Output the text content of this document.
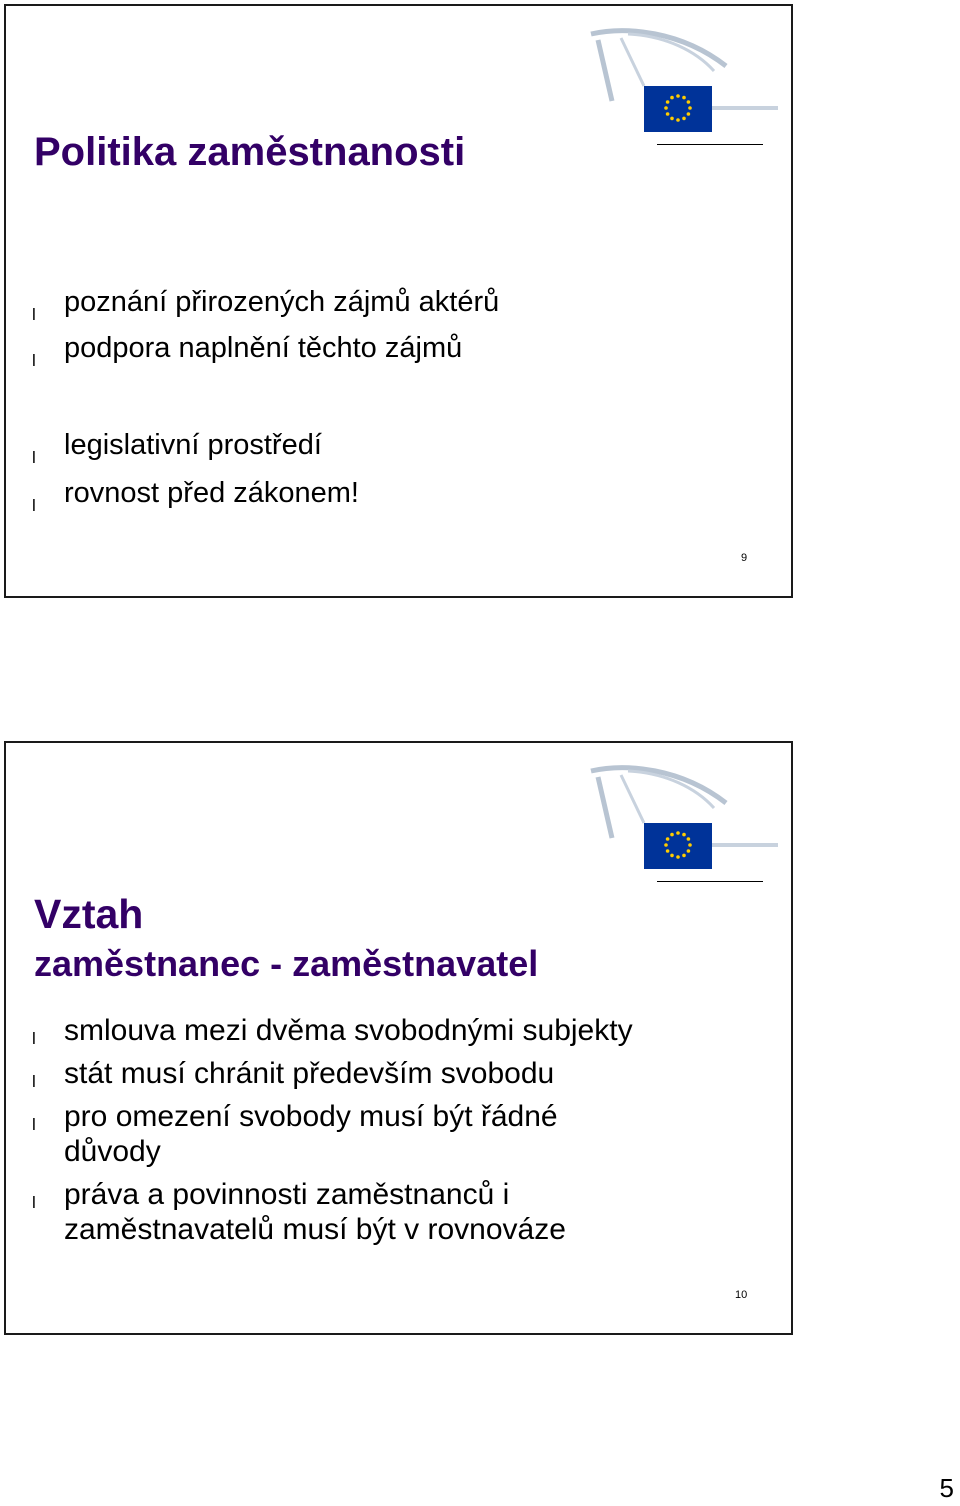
Politika zaměstnanosti
l poznání přirozených zájmů aktérů
l podpora naplnění těchto zájmů
l legislativní prostředí
l rovnost před zákonem!
9
Vztah
zaměstnanec - zaměstnavatel
l smlouva mezi dvěma svobodnými subjekty
l stát musí chránit především svobodu
l pro omezení svobody musí být řádné důvody
l práva a povinnosti zaměstnanců i zaměstnavatelů musí být v rovnováze
10
5
